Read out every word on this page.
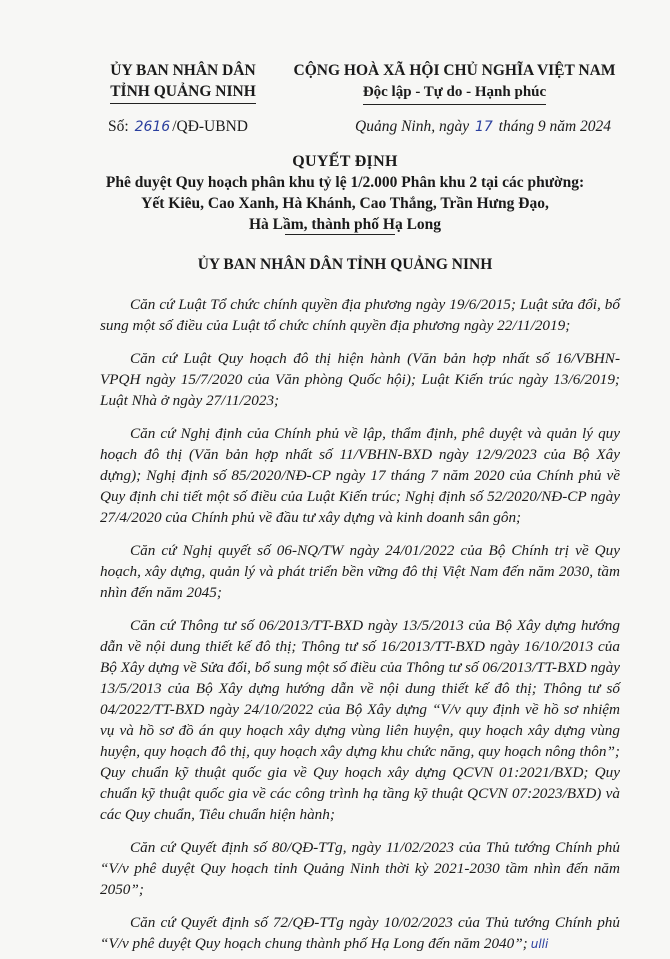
ỦY BAN NHÂN DÂN
TỈNH QUẢNG NINH
CỘNG HOÀ XÃ HỘI CHỦ NGHĨA VIỆT NAM
Độc lập - Tự do - Hạnh phúc
Số: 2616 /QĐ-UBND	Quảng Ninh, ngày 17 tháng 9 năm 2024
QUYẾT ĐỊNH
Phê duyệt Quy hoạch phân khu tỷ lệ 1/2.000 Phân khu 2 tại các phường:
Yết Kiêu, Cao Xanh, Hà Khánh, Cao Thắng, Trần Hưng Đạo,
Hà Lầm, thành phố Hạ Long
ỦY BAN NHÂN DÂN TỈNH QUẢNG NINH

Căn cứ Luật Tổ chức chính quyền địa phương ngày 19/6/2015; Luật sửa đổi, bổ sung một số điều của Luật tổ chức chính quyền địa phương ngày 22/11/2019;

Căn cứ Luật Quy hoạch đô thị hiện hành (Văn bản hợp nhất số 16/VBHN-VPQH ngày 15/7/2020 của Văn phòng Quốc hội); Luật Kiến trúc ngày 13/6/2019; Luật Nhà ở ngày 27/11/2023;

Căn cứ Nghị định của Chính phủ về lập, thẩm định, phê duyệt và quản lý quy hoạch đô thị (Văn bản hợp nhất số 11/VBHN-BXD ngày 12/9/2023 của Bộ Xây dựng); Nghị định số 85/2020/NĐ-CP ngày 17 tháng 7 năm 2020 của Chính phủ về Quy định chi tiết một số điều của Luật Kiến trúc; Nghị định số 52/2020/NĐ-CP ngày 27/4/2020 của Chính phủ về đầu tư xây dựng và kinh doanh sân gôn;

Căn cứ Nghị quyết số 06-NQ/TW ngày 24/01/2022 của Bộ Chính trị về Quy hoạch, xây dựng, quản lý và phát triển bền vững đô thị Việt Nam đến năm 2030, tầm nhìn đến năm 2045;

Căn cứ Thông tư số 06/2013/TT-BXD ngày 13/5/2013 của Bộ Xây dựng hướng dẫn về nội dung thiết kế đô thị; Thông tư số 16/2013/TT-BXD ngày 16/10/2013 của Bộ Xây dựng về Sửa đổi, bổ sung một số điều của Thông tư số 06/2013/TT-BXD ngày 13/5/2013 của Bộ Xây dựng hướng dẫn về nội dung thiết kế đô thị; Thông tư số 04/2022/TT-BXD ngày 24/10/2022 của Bộ Xây dựng “V/v quy định về hồ sơ nhiệm vụ và hồ sơ đồ án quy hoạch xây dựng vùng liên huyện, quy hoạch xây dựng vùng huyện, quy hoạch đô thị, quy hoạch xây dựng khu chức năng, quy hoạch nông thôn”; Quy chuẩn kỹ thuật quốc gia về Quy hoạch xây dựng QCVN 01:2021/BXD; Quy chuẩn kỹ thuật quốc gia về các công trình hạ tầng kỹ thuật QCVN 07:2023/BXD) và các Quy chuẩn, Tiêu chuẩn hiện hành;

Căn cứ Quyết định số 80/QĐ-TTg, ngày 11/02/2023 của Thủ tướng Chính phủ “V/v phê duyệt Quy hoạch tỉnh Quảng Ninh thời kỳ 2021-2030 tầm nhìn đến năm 2050”;

Căn cứ Quyết định số 72/QĐ-TTg ngày 10/02/2023 của Thủ tướng Chính phủ “V/v phê duyệt Quy hoạch chung thành phố Hạ Long đến năm 2040”; ulli
